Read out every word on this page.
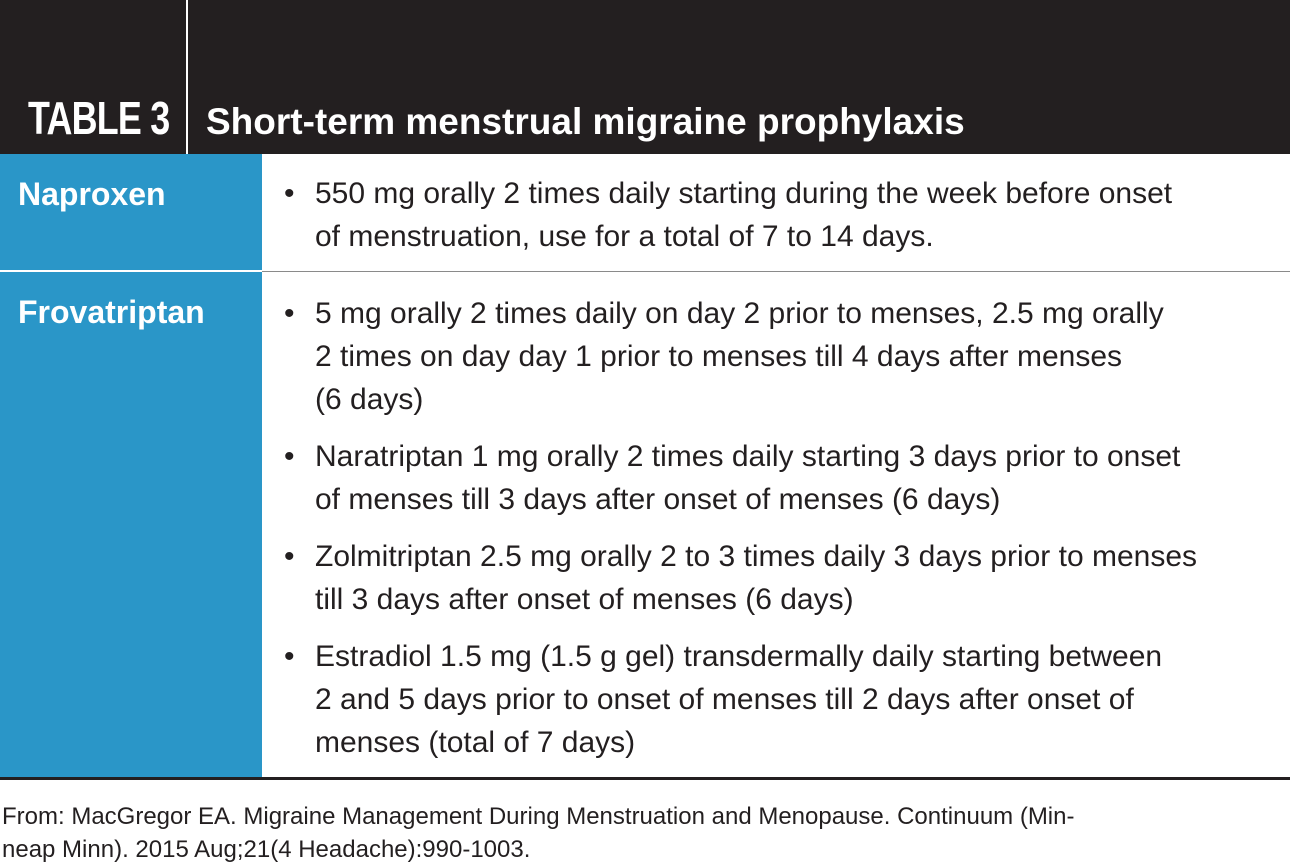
TABLE 3 Short-term menstrual migraine prophylaxis
Naproxen	• 550 mg orally 2 times daily starting during the week before onset
of menstruation, use for a total of 7 to 14 days.
Frovatriptan	• 5 mg orally 2 times daily on day 2 prior to menses, 2.5 mg orally
2 times on day day 1 prior to menses till 4 days after menses
(6 days)
• Naratriptan 1 mg orally 2 times daily starting 3 days prior to onset
of menses till 3 days after onset of menses (6 days)
• Zolmitriptan 2.5 mg orally 2 to 3 times daily 3 days prior to menses
till 3 days after onset of menses (6 days)
• Estradiol 1.5 mg (1.5 g gel) transdermally daily starting between
2 and 5 days prior to onset of menses till 2 days after onset of
menses (total of 7 days)
From: MacGregor EA. Migraine Management During Menstruation and Menopause. Continuum (Min-
neap Minn). 2015 Aug;21(4 Headache):990-1003.
